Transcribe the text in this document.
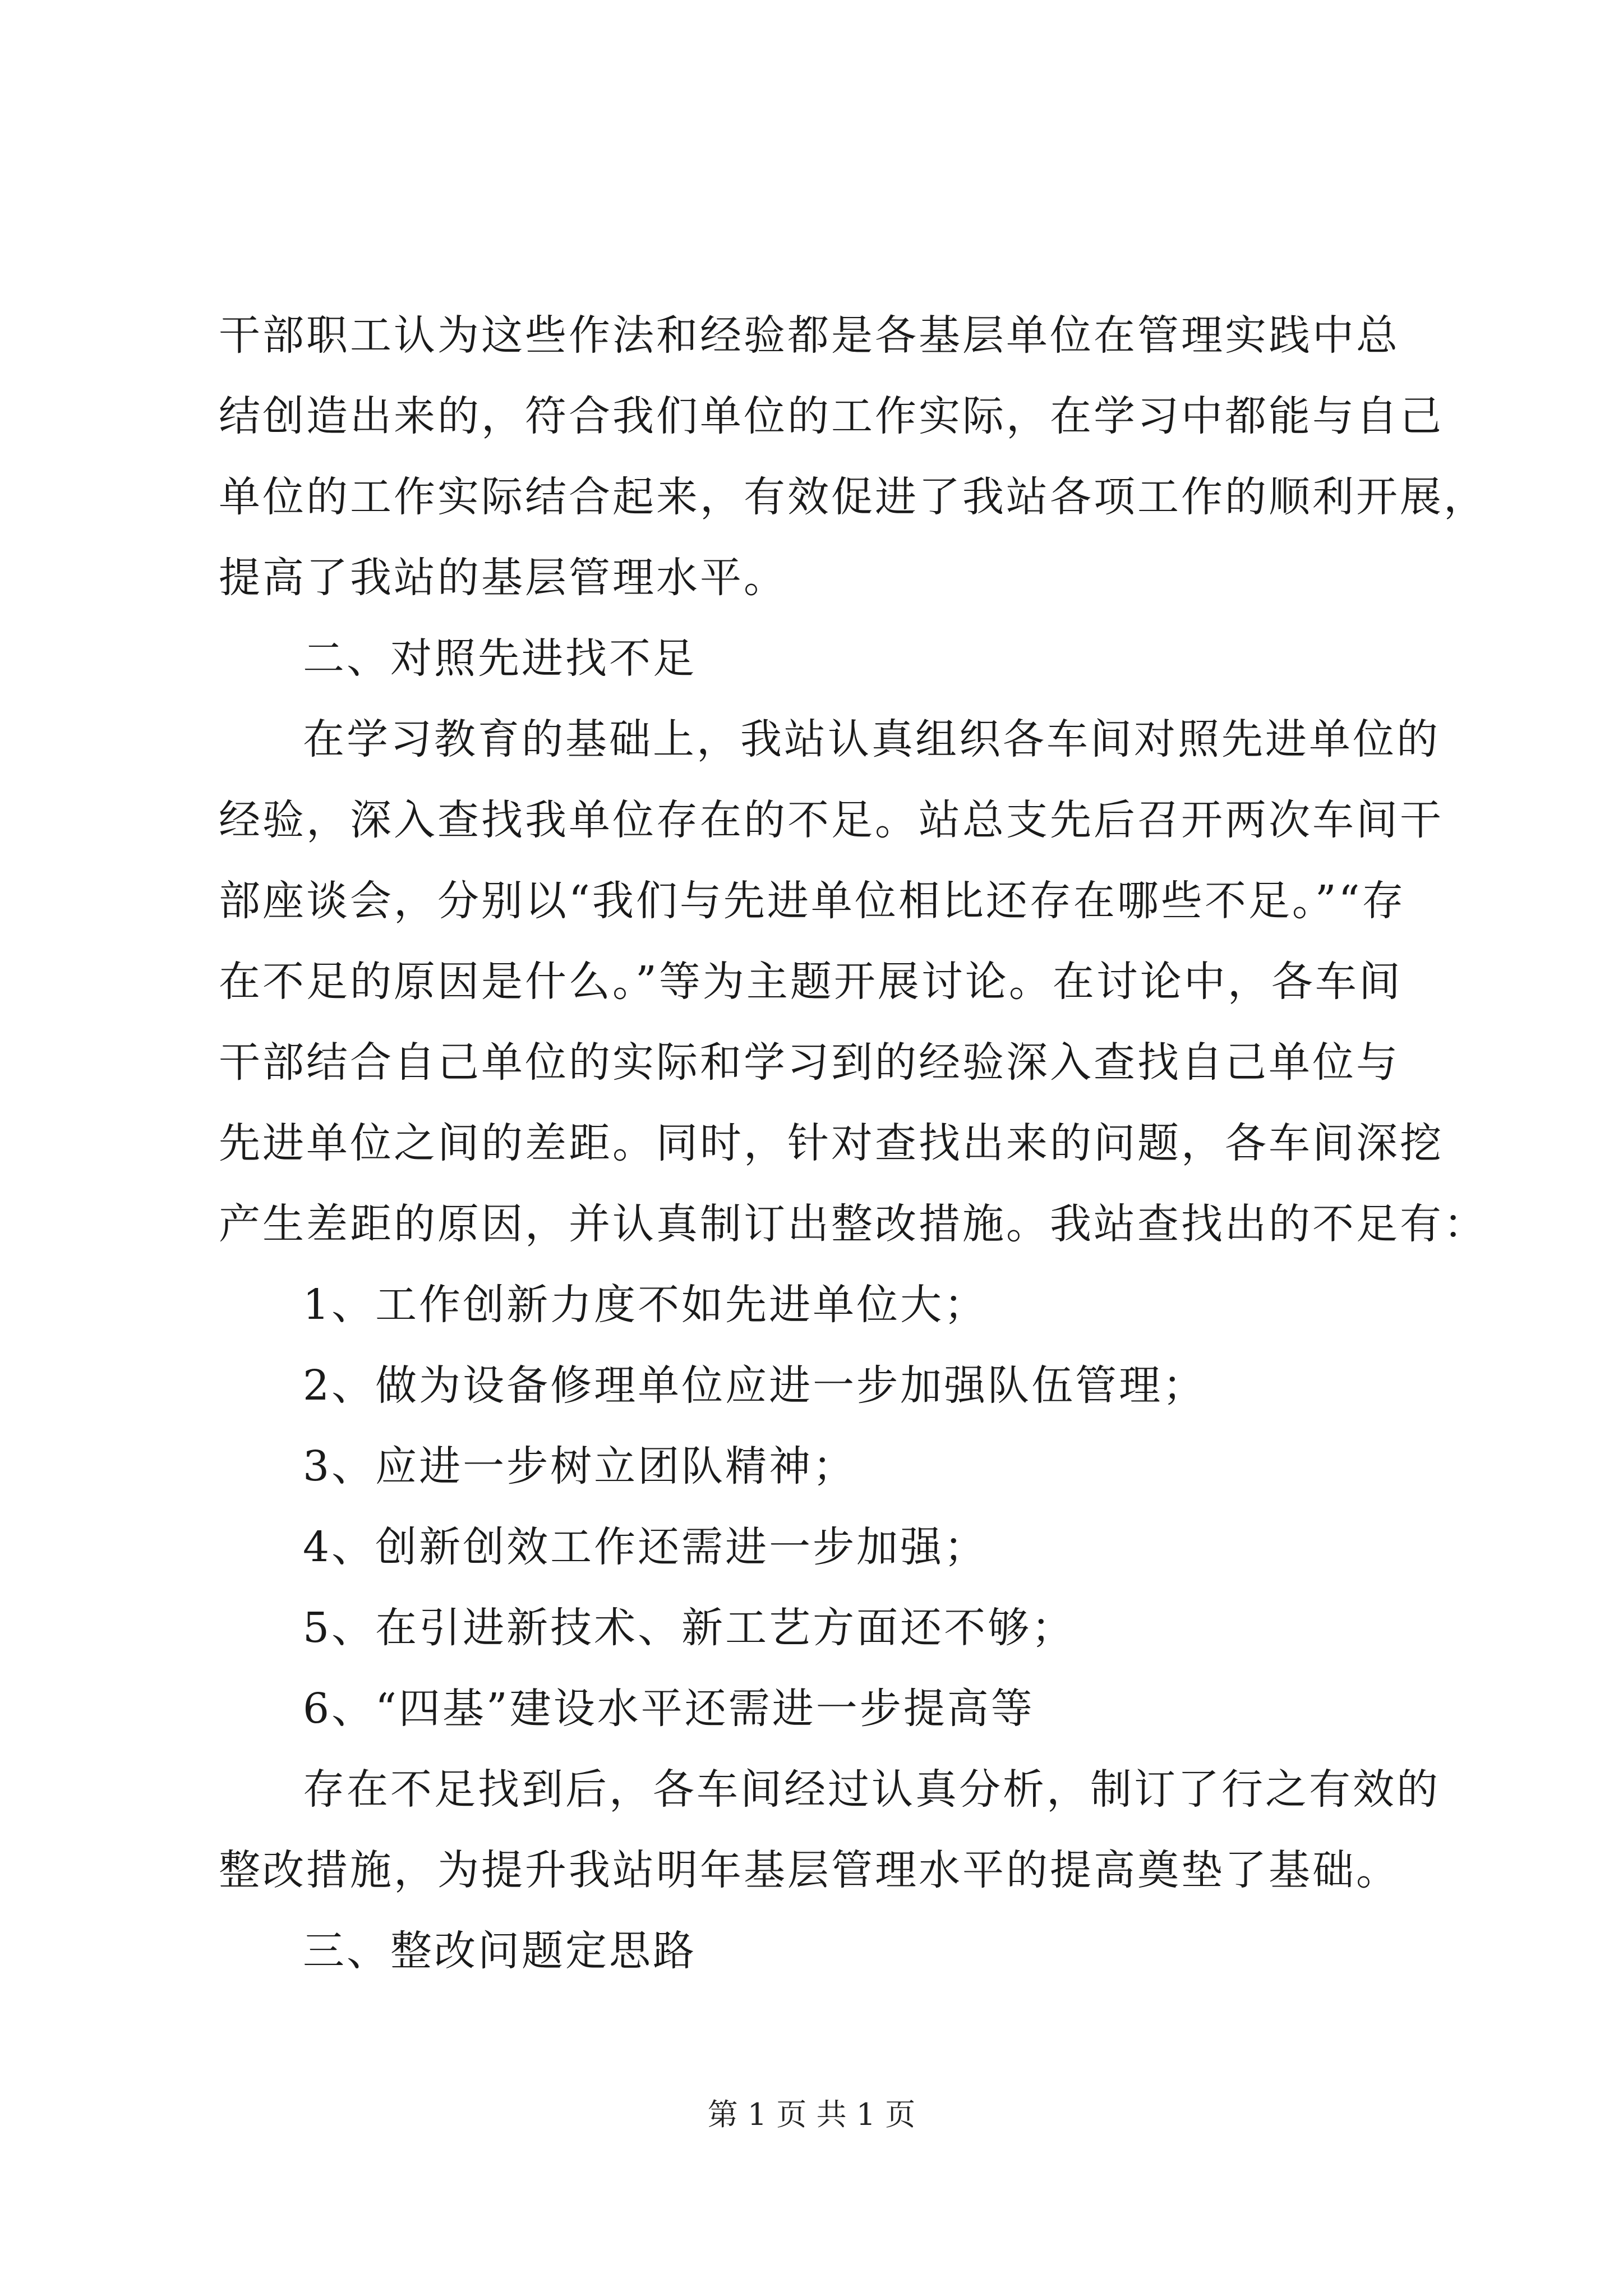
干部职工认为这些作法和经验都是各基层单位在管理实践中总
结创造出来的，符合我们单位的工作实际，在学习中都能与自己
单位的工作实际结合起来，有效促进了我站各项工作的顺利开展，
提高了我站的基层管理水平。
二、对照先进找不足
在学习教育的基础上，我站认真组织各车间对照先进单位的
经验，深入查找我单位存在的不足。站总支先后召开两次车间干
部座谈会，分别以“我们与先进单位相比还存在哪些不足。”“存
在不足的原因是什么。”等为主题开展讨论。在讨论中，各车间
干部结合自己单位的实际和学习到的经验深入查找自己单位与
先进单位之间的差距。同时，针对查找出来的问题，各车间深挖
产生差距的原因，并认真制订出整改措施。我站查找出的不足有：
1、工作创新力度不如先进单位大；
2、做为设备修理单位应进一步加强队伍管理；
3、应进一步树立团队精神；
4、创新创效工作还需进一步加强；
5、在引进新技术、新工艺方面还不够；
6、“四基”建设水平还需进一步提高等
存在不足找到后，各车间经过认真分析，制订了行之有效的
整改措施，为提升我站明年基层管理水平的提高奠垫了基础。
三、整改问题定思路
第 1 页 共 1 页
